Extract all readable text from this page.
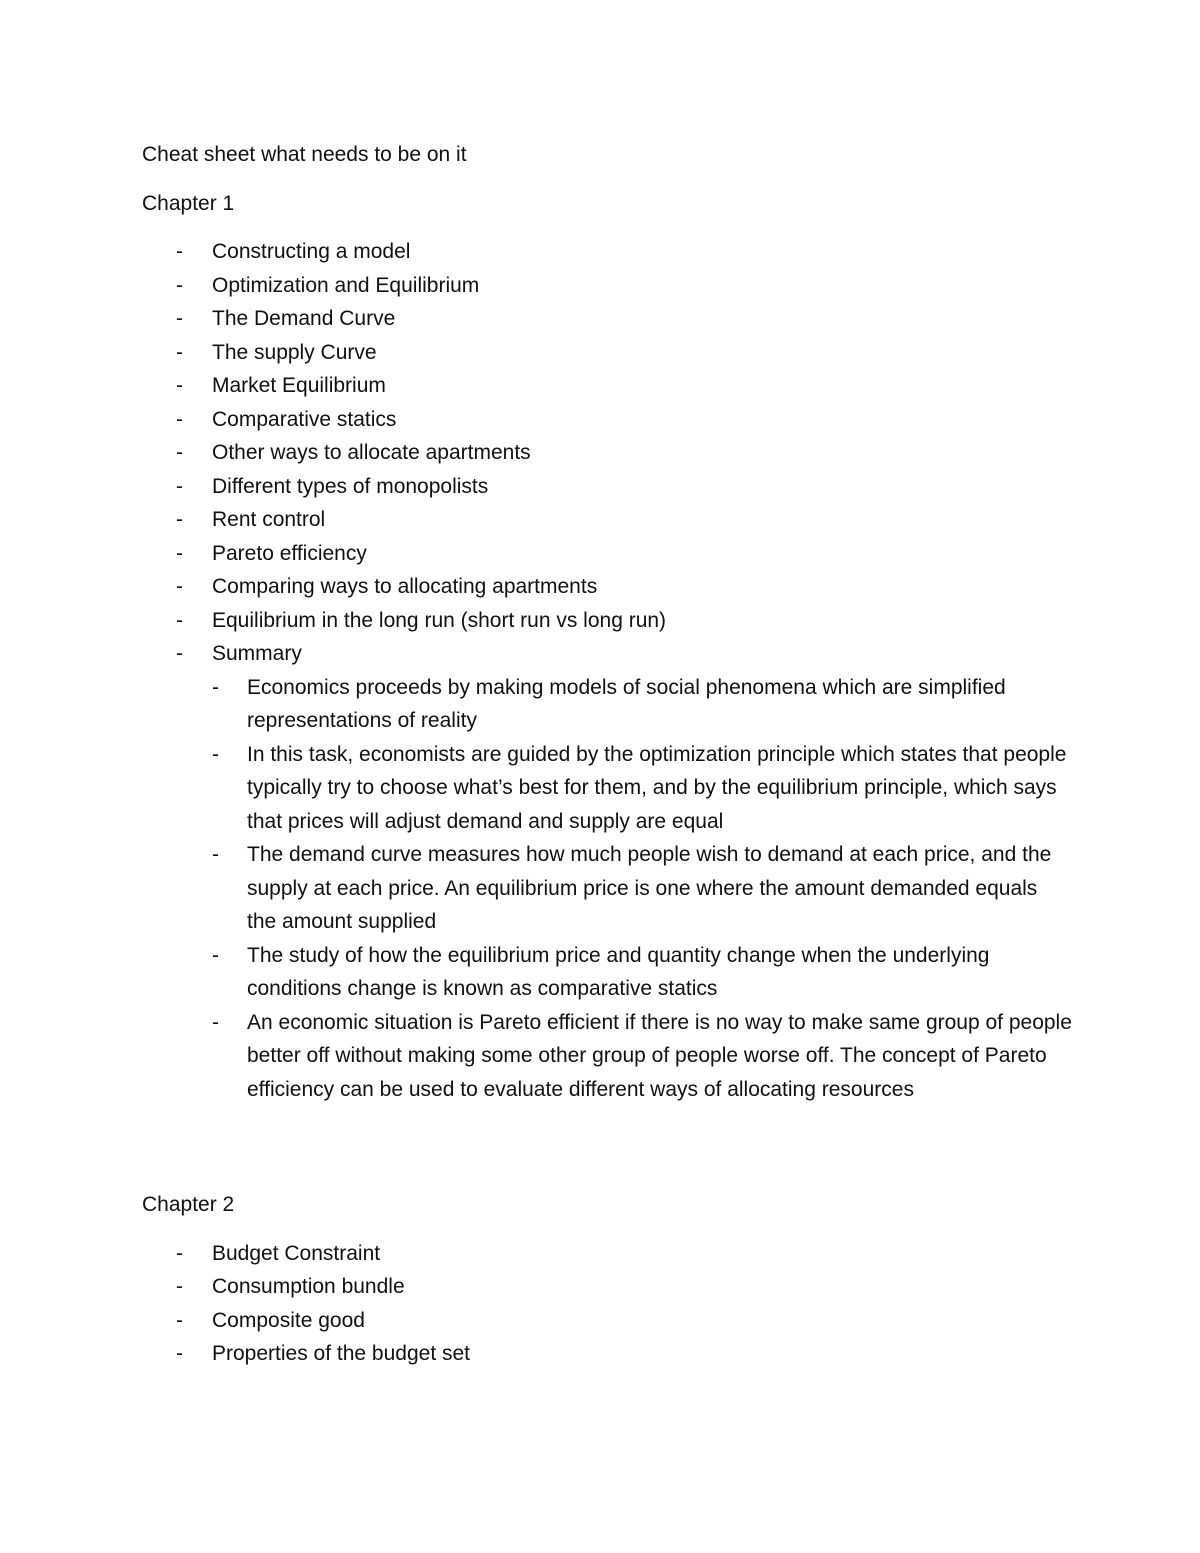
Cheat sheet what needs to be on it

Chapter 1

- Constructing a model
- Optimization and Equilibrium
- The Demand Curve
- The supply Curve
- Market Equilibrium
- Comparative statics
- Other ways to allocate apartments
- Different types of monopolists
- Rent control
- Pareto efficiency
- Comparing ways to allocating apartments
- Equilibrium in the long run (short run vs long run)
- Summary
- Economics proceeds by making models of social phenomena which are simplified representations of reality
- In this task, economists are guided by the optimization principle which states that people typically try to choose what’s best for them, and by the equilibrium principle, which says that prices will adjust demand and supply are equal
- The demand curve measures how much people wish to demand at each price, and the supply at each price. An equilibrium price is one where the amount demanded equals the amount supplied
- The study of how the equilibrium price and quantity change when the underlying conditions change is known as comparative statics
- An economic situation is Pareto efficient if there is no way to make same group of people better off without making some other group of people worse off. The concept of Pareto efficiency can be used to evaluate different ways of allocating resources

Chapter 2

- Budget Constraint
- Consumption bundle
- Composite good
- Properties of the budget set
